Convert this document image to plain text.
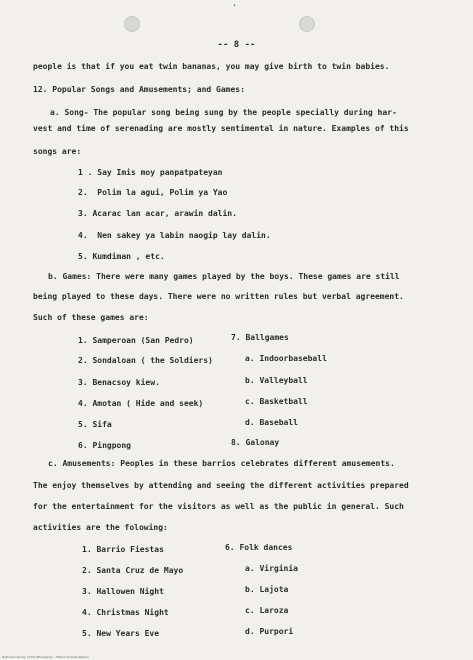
•
-- 8 --
people is that if you eat twin bananas, you may give birth to twin babies.
12. Popular Songs and Amusements; and Games:
a. Song- The popular song being sung by the people specially during har-
vest and time of serenading are mostly sentimental in nature. Examples of this
songs are:
1 . Say Imis moy panpatpateyan
2.  Polim la agui, Polim ya Yao
3. Acarac lan acar, arawin dalin.
4.  Nen sakey ya labin naogip lay dalin.
5. Kumdiman , etc.
b. Games: There were many games played by the boys. These games are still
being played to these days. There were no written rules but verbal agreement.
Such of these games are:
1. Samperoan (San Pedro)
2. Sondaloan ( the Soldiers)
3. Benacsoy kiew.
4. Amotan ( Hide and seek)
5. Sifa
6. Pingpong
7. Ballgames
a. Indoorbaseball
b. Valleyball
c. Basketball
d. Baseball
8. Galonay
c. Amusements: Peoples in these barrios celebrates different amusements.
The enjoy themselves by attending and seeing the different activities prepared
for the entertainment for the visitors as well as the public in general. Such
activities are the folowing:
1. Barrio Fiestas
2. Santa Cruz de Mayo
3. Hallowen Night
4. Christmas Night
5. New Years Eve
6. Folk dances
a. Virginia
b. Lajota
c. Laroza
d. Purpori
National Library of the Philippines · Historical Data Papers
